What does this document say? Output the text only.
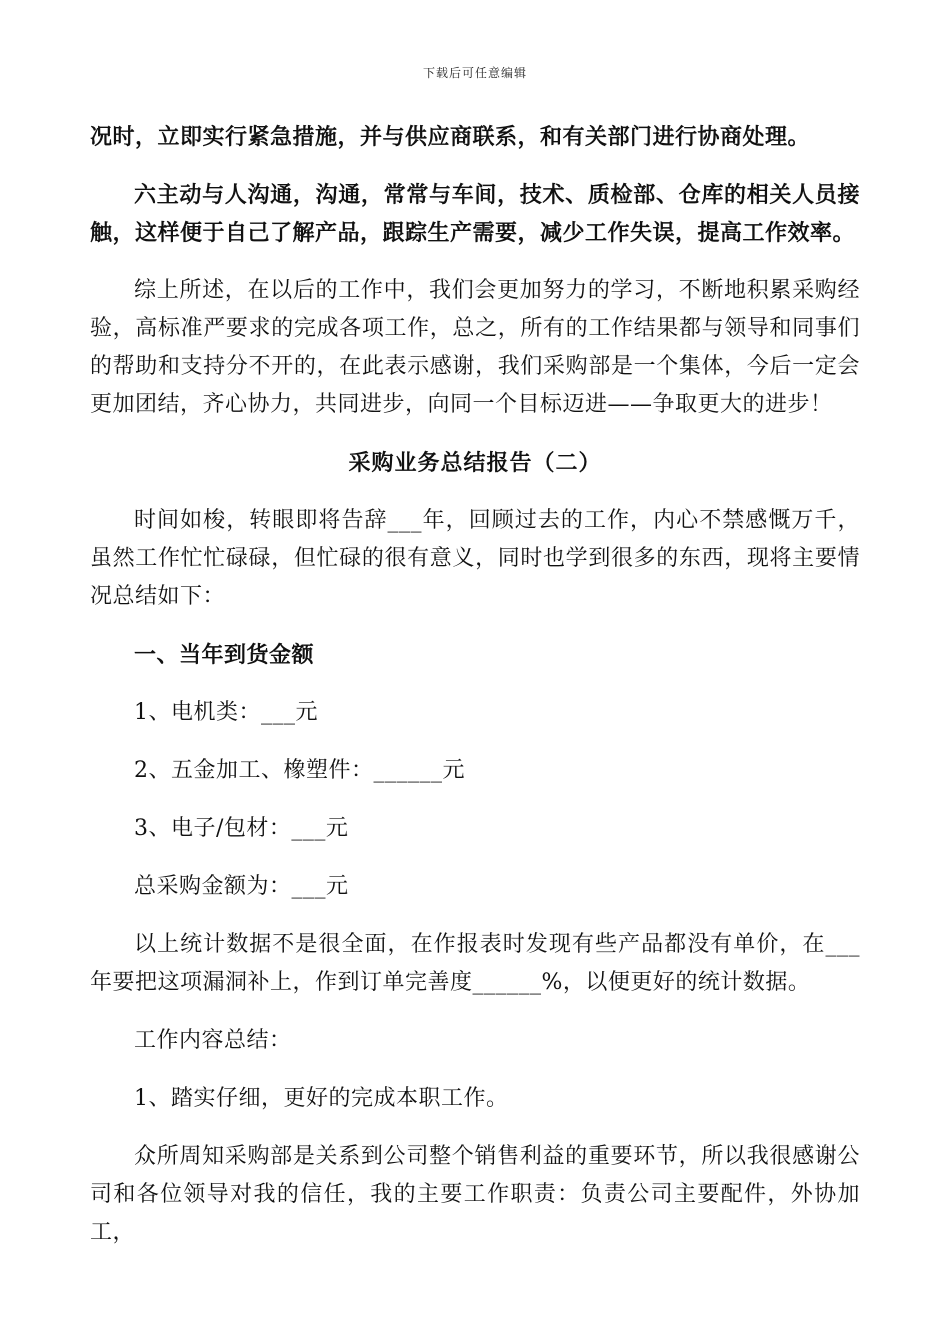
下载后可任意编辑

况时，立即实行紧急措施，并与供应商联系，和有关部门进行协商处理。

六主动与人沟通，沟通，常常与车间，技术、质检部、仓库的相关人员接触，这样便于自己了解产品，跟踪生产需要，减少工作失误，提高工作效率。

综上所述，在以后的工作中，我们会更加努力的学习，不断地积累采购经验，高标准严要求的完成各项工作，总之，所有的工作结果都与领导和同事们的帮助和支持分不开的，在此表示感谢，我们采购部是一个集体，今后一定会更加团结，齐心协力，共同进步，向同一个目标迈进——争取更大的进步！

采购业务总结报告（二）

时间如梭，转眼即将告辞___年，回顾过去的工作，内心不禁感慨万千，虽然工作忙忙碌碌，但忙碌的很有意义，同时也学到很多的东西，现将主要情况总结如下：

一、当年到货金额

1、电机类：___元

2、五金加工、橡塑件：______元

3、电子/包材：___元

总采购金额为：___元

以上统计数据不是很全面，在作报表时发现有些产品都没有单价，在___年要把这项漏洞补上，作到订单完善度______%，以便更好的统计数据。

工作内容总结：

1、踏实仔细，更好的完成本职工作。

众所周知采购部是关系到公司整个销售利益的重要环节，所以我很感谢公司和各位领导对我的信任，我的主要工作职责：负责公司主要配件，外协加工，
